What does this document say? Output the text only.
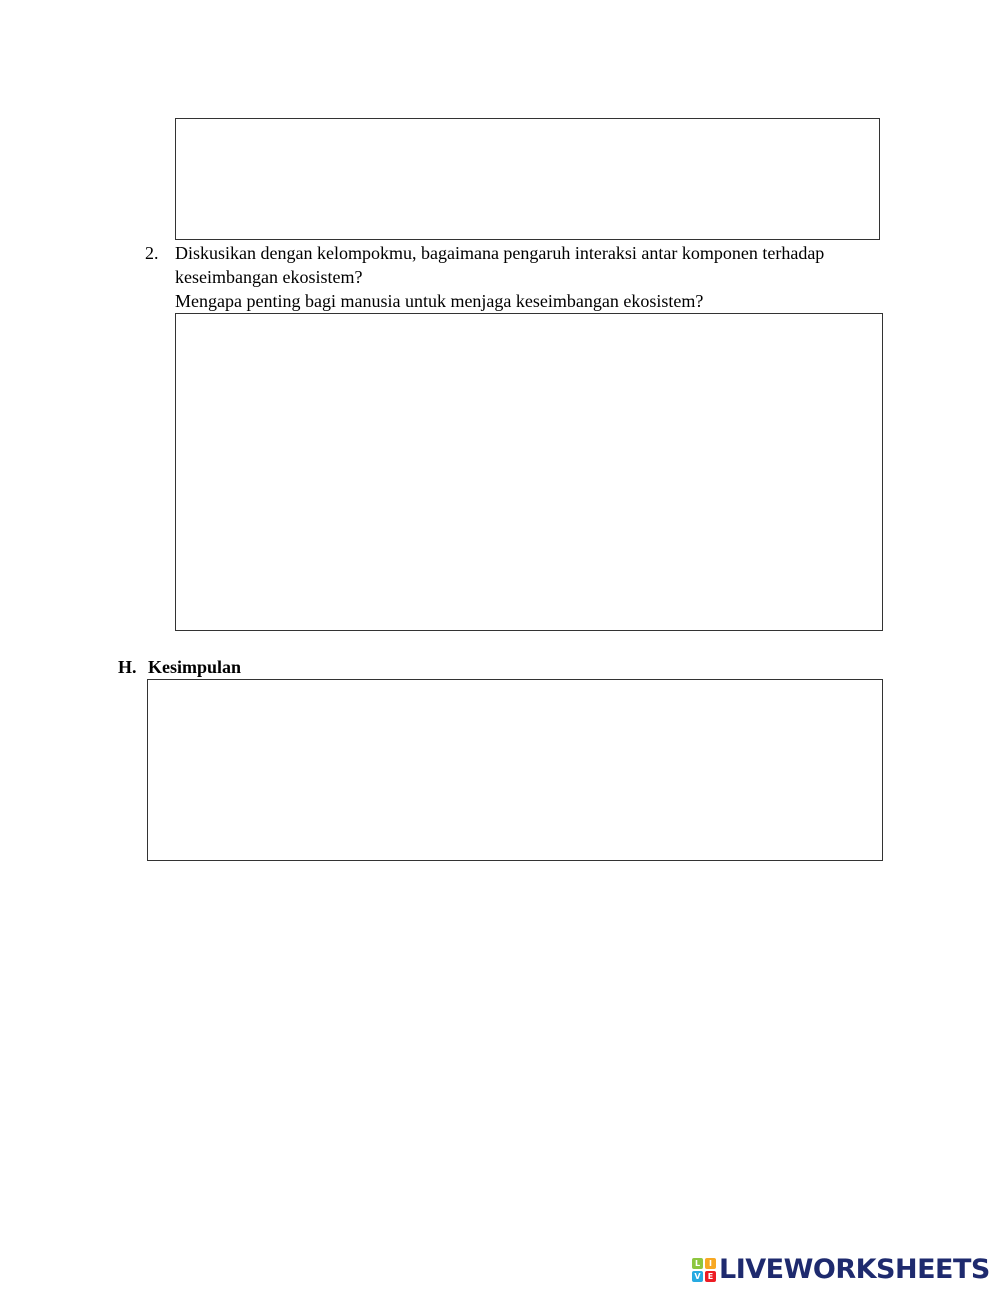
2. Diskusikan dengan kelompokmu, bagaimana pengaruh interaksi antar komponen terhadap

keseimbangan ekosistem?

Mengapa penting bagi manusia untuk menjaga keseimbangan ekosistem?

H. Kesimpulan
L	I
V E LIVEWORKSHEETS
